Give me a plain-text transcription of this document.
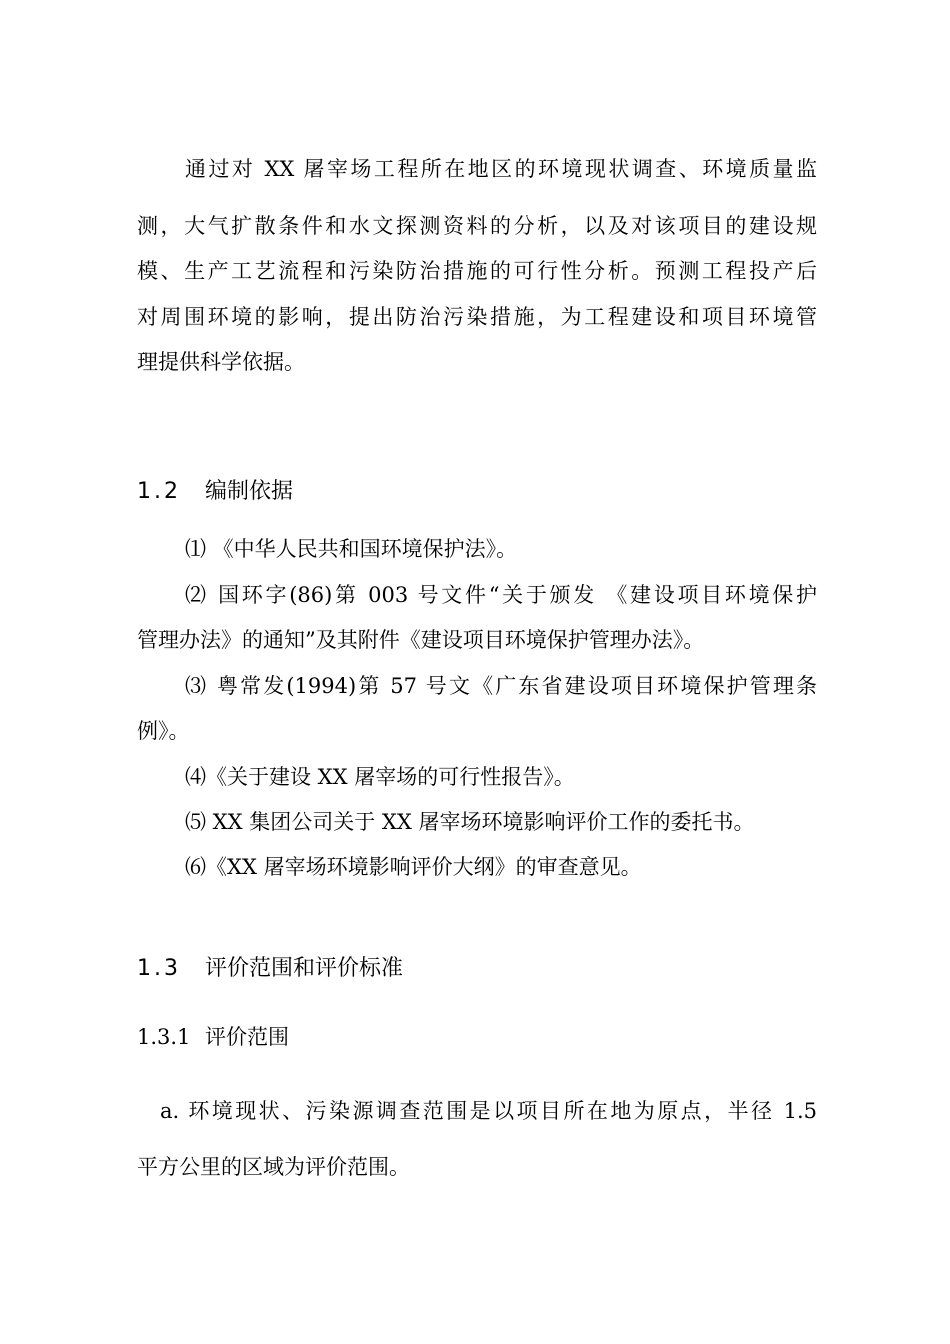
通过对 XX 屠宰场工程所在地区的环境现状调查、环境质量监
测，大气扩散条件和水文探测资料的分析，以及对该项目的建设规
模、生产工艺流程和污染防治措施的可行性分析。预测工程投产后
对周围环境的影响，提出防治污染措施，为工程建设和项目环境管
理提供科学依据。
1.2 编制依据
⑴ 《中华人民共和国环境保护法》。
⑵ 国环字(86)第 003 号文件“关于颁发 《建设项目环境保护
管理办法》的通知”及其附件《建设项目环境保护管理办法》。
⑶ 粤常发(1994)第 57 号文《广东省建设项目环境保护管理条
例》。
⑷《关于建设 XX 屠宰场的可行性报告》。
⑸ XX 集团公司关于 XX 屠宰场环境影响评价工作的委托书。
⑹《XX 屠宰场环境影响评价大纲》的审查意见。
1.3 评价范围和评价标准
1.3.1 评价范围
a. 环境现状、污染源调查范围是以项目所在地为原点，半径 1.5
平方公里的区域为评价范围。
